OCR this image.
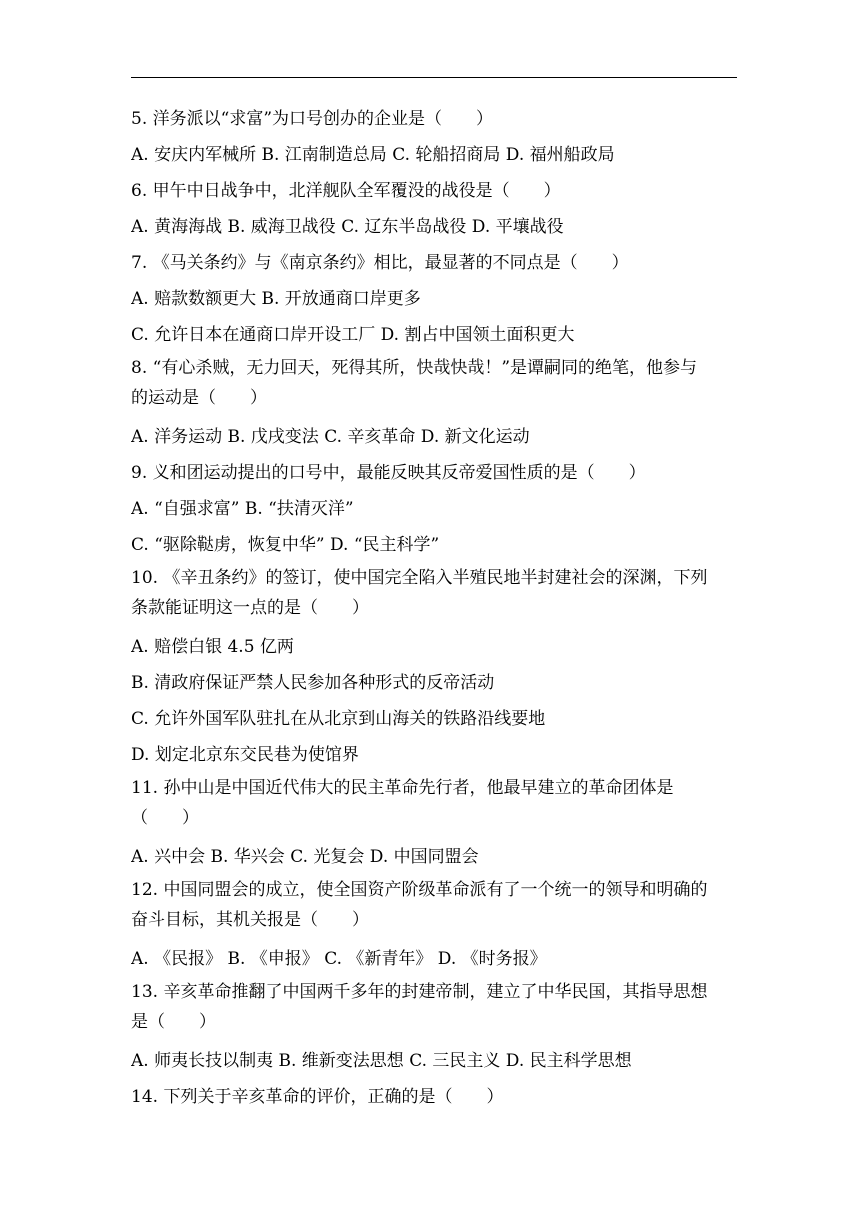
5. 洋务派以“求富”为口号创办的企业是（　　）
A. 安庆内军械所 B. 江南制造总局 C. 轮船招商局 D. 福州船政局
6. 甲午中日战争中，北洋舰队全军覆没的战役是（　　）
A. 黄海海战 B. 威海卫战役 C. 辽东半岛战役 D. 平壤战役
7. 《马关条约》与《南京条约》相比，最显著的不同点是（　　）
A. 赔款数额更大 B. 开放通商口岸更多
C. 允许日本在通商口岸开设工厂 D. 割占中国领土面积更大
8. “有心杀贼，无力回天，死得其所，快哉快哉！”是谭嗣同的绝笔，他参与
的运动是（　　）
A. 洋务运动 B. 戊戌变法 C. 辛亥革命 D. 新文化运动
9. 义和团运动提出的口号中，最能反映其反帝爱国性质的是（　　）
A. “自强求富” B. “扶清灭洋”
C. “驱除鞑虏，恢复中华” D. “民主科学”
10. 《辛丑条约》的签订，使中国完全陷入半殖民地半封建社会的深渊，下列
条款能证明这一点的是（　　）
A. 赔偿白银 4.5 亿两
B. 清政府保证严禁人民参加各种形式的反帝活动
C. 允许外国军队驻扎在从北京到山海关的铁路沿线要地
D. 划定北京东交民巷为使馆界
11. 孙中山是中国近代伟大的民主革命先行者，他最早建立的革命团体是
（　　）
A. 兴中会 B. 华兴会 C. 光复会 D. 中国同盟会
12. 中国同盟会的成立，使全国资产阶级革命派有了一个统一的领导和明确的
奋斗目标，其机关报是（　　）
A. 《民报》 B. 《申报》 C. 《新青年》 D. 《时务报》
13. 辛亥革命推翻了中国两千多年的封建帝制，建立了中华民国，其指导思想
是（　　）
A. 师夷长技以制夷 B. 维新变法思想 C. 三民主义 D. 民主科学思想
14. 下列关于辛亥革命的评价，正确的是（　　）
